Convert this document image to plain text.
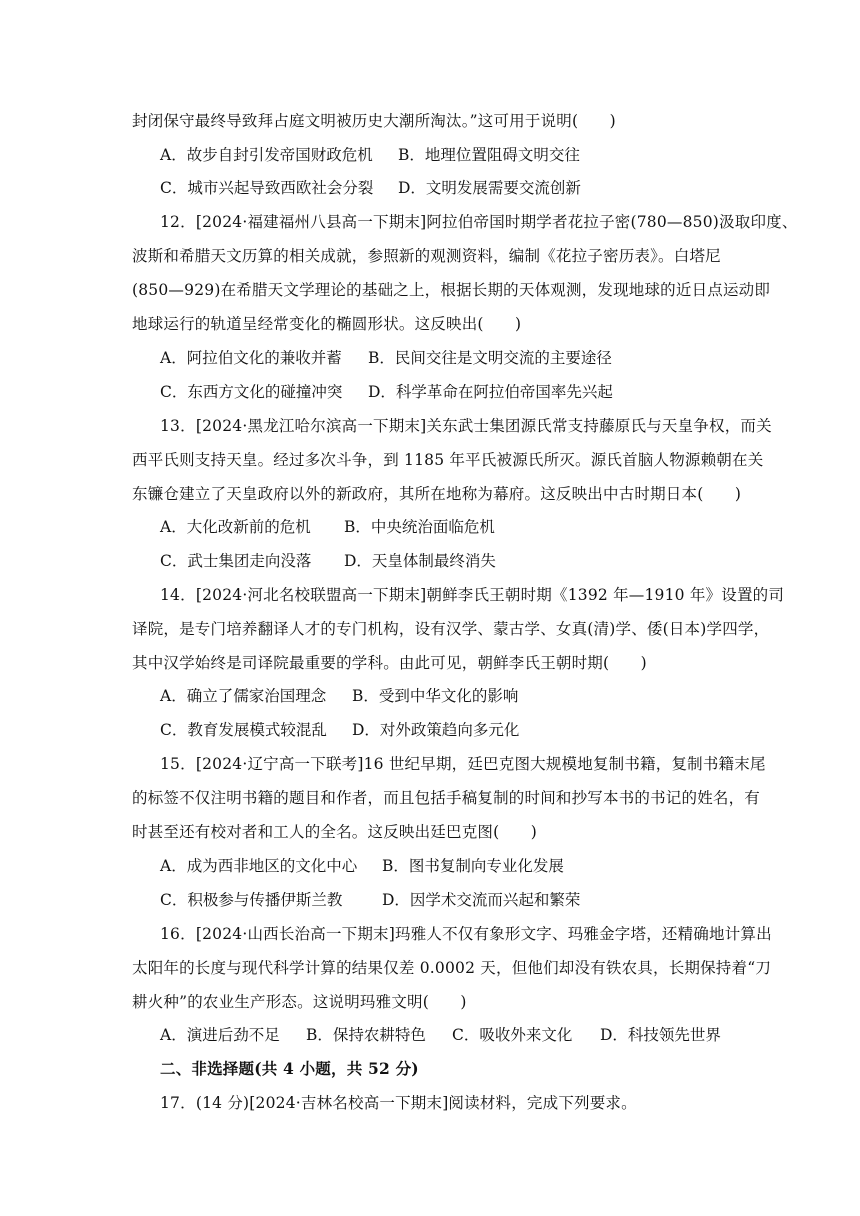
封闭保守最终导致拜占庭文明被历史大潮所淘汰。”这可用于说明(　　)
A．故步自封引发帝国财政危机 B．地理位置阻碍文明交往
C．城市兴起导致西欧社会分裂 D．文明发展需要交流创新
12．[2024·福建福州八县高一下期末]阿拉伯帝国时期学者花拉子密(780—850)汲取印度、
波斯和希腊天文历算的相关成就，参照新的观测资料，编制《花拉子密历表》。白塔尼
(850—929)在希腊天文学理论的基础之上，根据长期的天体观测，发现地球的近日点运动即
地球运行的轨道呈经常变化的椭圆形状。这反映出(　　)
A．阿拉伯文化的兼收并蓄 B．民间交往是文明交流的主要途径
C．东西方文化的碰撞冲突 D．科学革命在阿拉伯帝国率先兴起
13．[2024·黑龙江哈尔滨高一下期末]关东武士集团源氏常支持藤原氏与天皇争权，而关
西平氏则支持天皇。经过多次斗争，到 1185 年平氏被源氏所灭。源氏首脑人物源赖朝在关
东镰仓建立了天皇政府以外的新政府，其所在地称为幕府。这反映出中古时期日本(　　)
A．大化改新前的危机 B．中央统治面临危机
C．武士集团走向没落 D．天皇体制最终消失
14．[2024·河北名校联盟高一下期末]朝鲜李氏王朝时期《1392 年—1910 年》设置的司
译院，是专门培养翻译人才的专门机构，设有汉学、蒙古学、女真(清)学、倭(日本)学四学，
其中汉学始终是司译院最重要的学科。由此可见，朝鲜李氏王朝时期(　　)
A．确立了儒家治国理念 B．受到中华文化的影响
C．教育发展模式较混乱 D．对外政策趋向多元化
15．[2024·辽宁高一下联考]16 世纪早期，廷巴克图大规模地复制书籍，复制书籍末尾
的标签不仅注明书籍的题目和作者，而且包括手稿复制的时间和抄写本书的书记的姓名，有
时甚至还有校对者和工人的全名。这反映出廷巴克图(　　)
A．成为西非地区的文化中心 B．图书复制向专业化发展
C．积极参与传播伊斯兰教	D．因学术交流而兴起和繁荣
16．[2024·山西长治高一下期末]玛雅人不仅有象形文字、玛雅金字塔，还精确地计算出
太阳年的长度与现代科学计算的结果仅差 0.0002 天，但他们却没有铁农具，长期保持着“刀
耕火种”的农业生产形态。这说明玛雅文明(　　)
A．演进后劲不足 B．保持农耕特色 C．吸收外来文化 D．科技领先世界
二、非选择题(共 4 小题，共 52 分)
17．(14 分)[2024·吉林名校高一下期末]阅读材料，完成下列要求。
